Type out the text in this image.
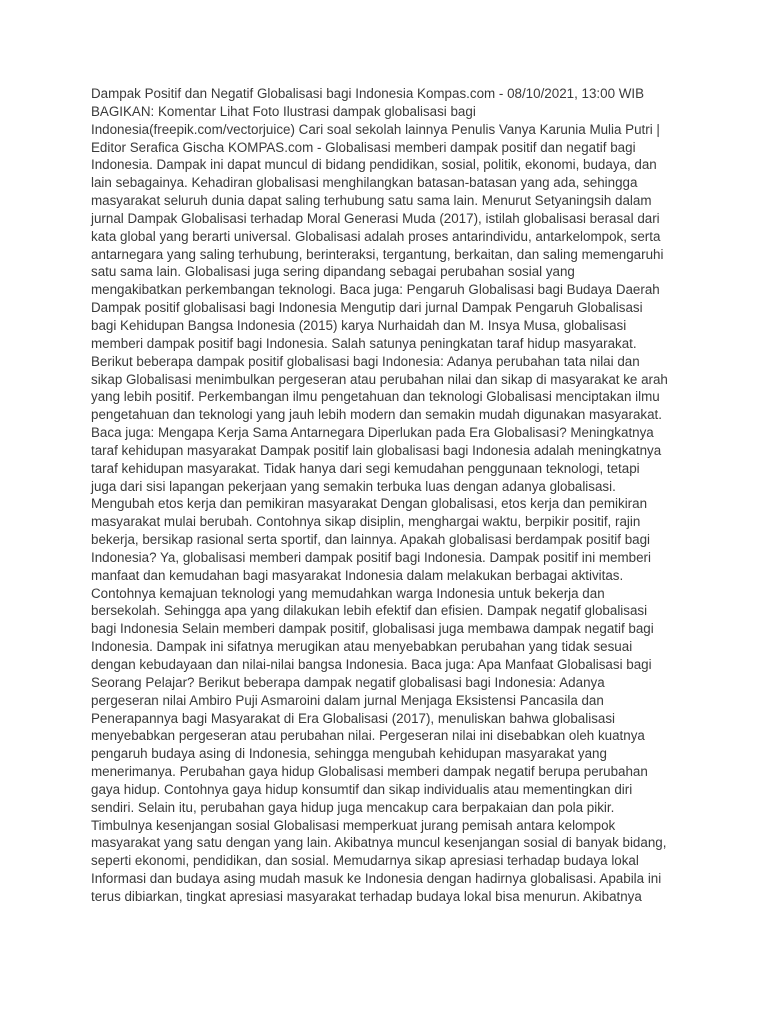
Dampak Positif dan Negatif Globalisasi bagi Indonesia Kompas.com - 08/10/2021, 13:00 WIB
BAGIKAN: Komentar Lihat Foto Ilustrasi dampak globalisasi bagi
Indonesia(freepik.com/vectorjuice) Cari soal sekolah lainnya Penulis Vanya Karunia Mulia Putri |
Editor Serafica Gischa KOMPAS.com - Globalisasi memberi dampak positif dan negatif bagi
Indonesia. Dampak ini dapat muncul di bidang pendidikan, sosial, politik, ekonomi, budaya, dan
lain sebagainya. Kehadiran globalisasi menghilangkan batasan-batasan yang ada, sehingga
masyarakat seluruh dunia dapat saling terhubung satu sama lain. Menurut Setyaningsih dalam
jurnal Dampak Globalisasi terhadap Moral Generasi Muda (2017), istilah globalisasi berasal dari
kata global yang berarti universal. Globalisasi adalah proses antarindividu, antarkelompok, serta
antarnegara yang saling terhubung, berinteraksi, tergantung, berkaitan, dan saling memengaruhi
satu sama lain. Globalisasi juga sering dipandang sebagai perubahan sosial yang
mengakibatkan perkembangan teknologi. Baca juga: Pengaruh Globalisasi bagi Budaya Daerah
Dampak positif globalisasi bagi Indonesia Mengutip dari jurnal Dampak Pengaruh Globalisasi
bagi Kehidupan Bangsa Indonesia (2015) karya Nurhaidah dan M. Insya Musa, globalisasi
memberi dampak positif bagi Indonesia. Salah satunya peningkatan taraf hidup masyarakat.
Berikut beberapa dampak positif globalisasi bagi Indonesia: Adanya perubahan tata nilai dan
sikap Globalisasi menimbulkan pergeseran atau perubahan nilai dan sikap di masyarakat ke arah
yang lebih positif. Perkembangan ilmu pengetahuan dan teknologi Globalisasi menciptakan ilmu
pengetahuan dan teknologi yang jauh lebih modern dan semakin mudah digunakan masyarakat.
Baca juga: Mengapa Kerja Sama Antarnegara Diperlukan pada Era Globalisasi? Meningkatnya
taraf kehidupan masyarakat Dampak positif lain globalisasi bagi Indonesia adalah meningkatnya
taraf kehidupan masyarakat. Tidak hanya dari segi kemudahan penggunaan teknologi, tetapi
juga dari sisi lapangan pekerjaan yang semakin terbuka luas dengan adanya globalisasi.
Mengubah etos kerja dan pemikiran masyarakat Dengan globalisasi, etos kerja dan pemikiran
masyarakat mulai berubah. Contohnya sikap disiplin, menghargai waktu, berpikir positif, rajin
bekerja, bersikap rasional serta sportif, dan lainnya. Apakah globalisasi berdampak positif bagi
Indonesia? Ya, globalisasi memberi dampak positif bagi Indonesia. Dampak positif ini memberi
manfaat dan kemudahan bagi masyarakat Indonesia dalam melakukan berbagai aktivitas.
Contohnya kemajuan teknologi yang memudahkan warga Indonesia untuk bekerja dan
bersekolah. Sehingga apa yang dilakukan lebih efektif dan efisien. Dampak negatif globalisasi
bagi Indonesia Selain memberi dampak positif, globalisasi juga membawa dampak negatif bagi
Indonesia. Dampak ini sifatnya merugikan atau menyebabkan perubahan yang tidak sesuai
dengan kebudayaan dan nilai-nilai bangsa Indonesia. Baca juga: Apa Manfaat Globalisasi bagi
Seorang Pelajar? Berikut beberapa dampak negatif globalisasi bagi Indonesia: Adanya
pergeseran nilai Ambiro Puji Asmaroini dalam jurnal Menjaga Eksistensi Pancasila dan
Penerapannya bagi Masyarakat di Era Globalisasi (2017), menuliskan bahwa globalisasi
menyebabkan pergeseran atau perubahan nilai. Pergeseran nilai ini disebabkan oleh kuatnya
pengaruh budaya asing di Indonesia, sehingga mengubah kehidupan masyarakat yang
menerimanya. Perubahan gaya hidup Globalisasi memberi dampak negatif berupa perubahan
gaya hidup. Contohnya gaya hidup konsumtif dan sikap individualis atau mementingkan diri
sendiri. Selain itu, perubahan gaya hidup juga mencakup cara berpakaian dan pola pikir.
Timbulnya kesenjangan sosial Globalisasi memperkuat jurang pemisah antara kelompok
masyarakat yang satu dengan yang lain. Akibatnya muncul kesenjangan sosial di banyak bidang,
seperti ekonomi, pendidikan, dan sosial. Memudarnya sikap apresiasi terhadap budaya lokal
Informasi dan budaya asing mudah masuk ke Indonesia dengan hadirnya globalisasi. Apabila ini
terus dibiarkan, tingkat apresiasi masyarakat terhadap budaya lokal bisa menurun. Akibatnya
